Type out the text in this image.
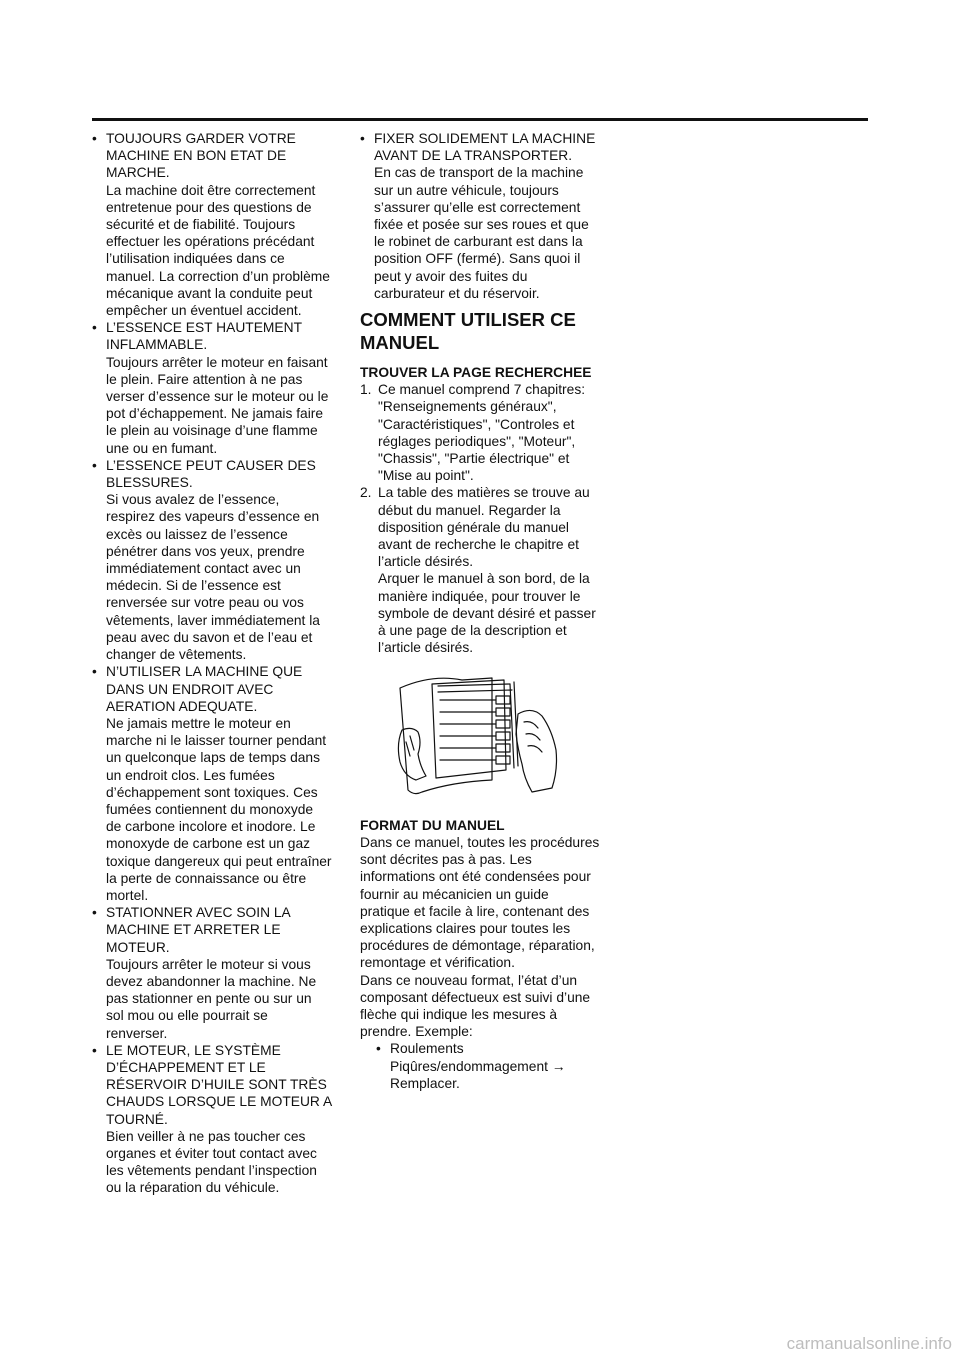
• TOUJOURS GARDER VOTRE MACHINE EN BON ETAT DE MARCHE.
La machine doit être correctement entretenue pour des questions de sécurité et de fiabilité. Toujours effectuer les opérations précédant l’utilisation indiquées dans ce manuel. La correction d’un problème mécanique avant la conduite peut empêcher un éventuel accident.

• L’ESSENCE EST HAUTEMENT INFLAMMABLE.
Toujours arrêter le moteur en faisant le plein. Faire attention à ne pas verser d’essence sur le moteur ou le pot d’échappement. Ne jamais faire le plein au voisinage d’une flamme une ou en fumant.

• L’ESSENCE PEUT CAUSER DES BLESSURES.
Si vous avalez de l’essence, respirez des vapeurs d’essence en excès ou laissez de l’essence pénétrer dans vos yeux, prendre immédiatement contact avec un médecin. Si de l’essence est renversée sur votre peau ou vos vêtements, laver immédiatement la peau avec du savon et de l’eau et changer de vêtements.

• N’UTILISER LA MACHINE QUE DANS UN ENDROIT AVEC AERATION ADEQUATE.
Ne jamais mettre le moteur en marche ni le laisser tourner pendant un quelconque laps de temps dans un endroit clos. Les fumées d’échappement sont toxiques. Ces fumées contiennent du monoxyde de carbone incolore et inodore. Le monoxyde de carbone est un gaz toxique dangereux qui peut entraîner la perte de connaissance ou être mortel.

• STATIONNER AVEC SOIN LA MACHINE ET ARRETER LE MOTEUR.
Toujours arrêter le moteur si vous devez abandonner la machine. Ne pas stationner en pente ou sur un sol mou ou elle pourrait se renverser.

• LE MOTEUR, LE SYSTÈME D’ÉCHAPPEMENT ET LE RÉSERVOIR D’HUILE SONT TRÈS CHAUDS LORSQUE LE MOTEUR A TOURNÉ.
Bien veiller à ne pas toucher ces organes et éviter tout contact avec les vêtements pendant l’inspection ou la réparation du véhicule.

• FIXER SOLIDEMENT LA MACHINE AVANT DE LA TRANSPORTER.
En cas de transport de la machine sur un autre véhicule, toujours s’assurer qu’elle est correctement fixée et posée sur ses roues et que le robinet de carburant est dans la position OFF (fermé). Sans quoi il peut y avoir des fuites du carburateur et du réservoir.

COMMENT UTILISER CE MANUEL

TROUVER LA PAGE RECHERCHEE

1. Ce manuel comprend 7 chapitres: "Renseignements généraux", "Caractéristiques", "Controles et réglages periodiques", "Moteur", "Chassis", "Partie électrique" et "Mise au point".

2. La table des matières se trouve au début du manuel. Regarder la disposition générale du manuel avant de recherche le chapitre et l’article désirés.
Arquer le manuel à son bord, de la manière indiquée, pour trouver le symbole de devant désiré et passer à une page de la description et l’article désirés.

FORMAT DU MANUEL

Dans ce manuel, toutes les procédures sont décrites pas à pas. Les informations ont été condensées pour fournir au mécanicien un guide pratique et facile à lire, contenant des explications claires pour toutes les procédures de démontage, réparation, remontage et vérification.

Dans ce nouveau format, l’état d’un composant défectueux est suivi d’une flèche qui indique les mesures à prendre. Exemple:

• Roulements
Piqûres/endommagement →
Remplacer.

carmanualsonline.info
